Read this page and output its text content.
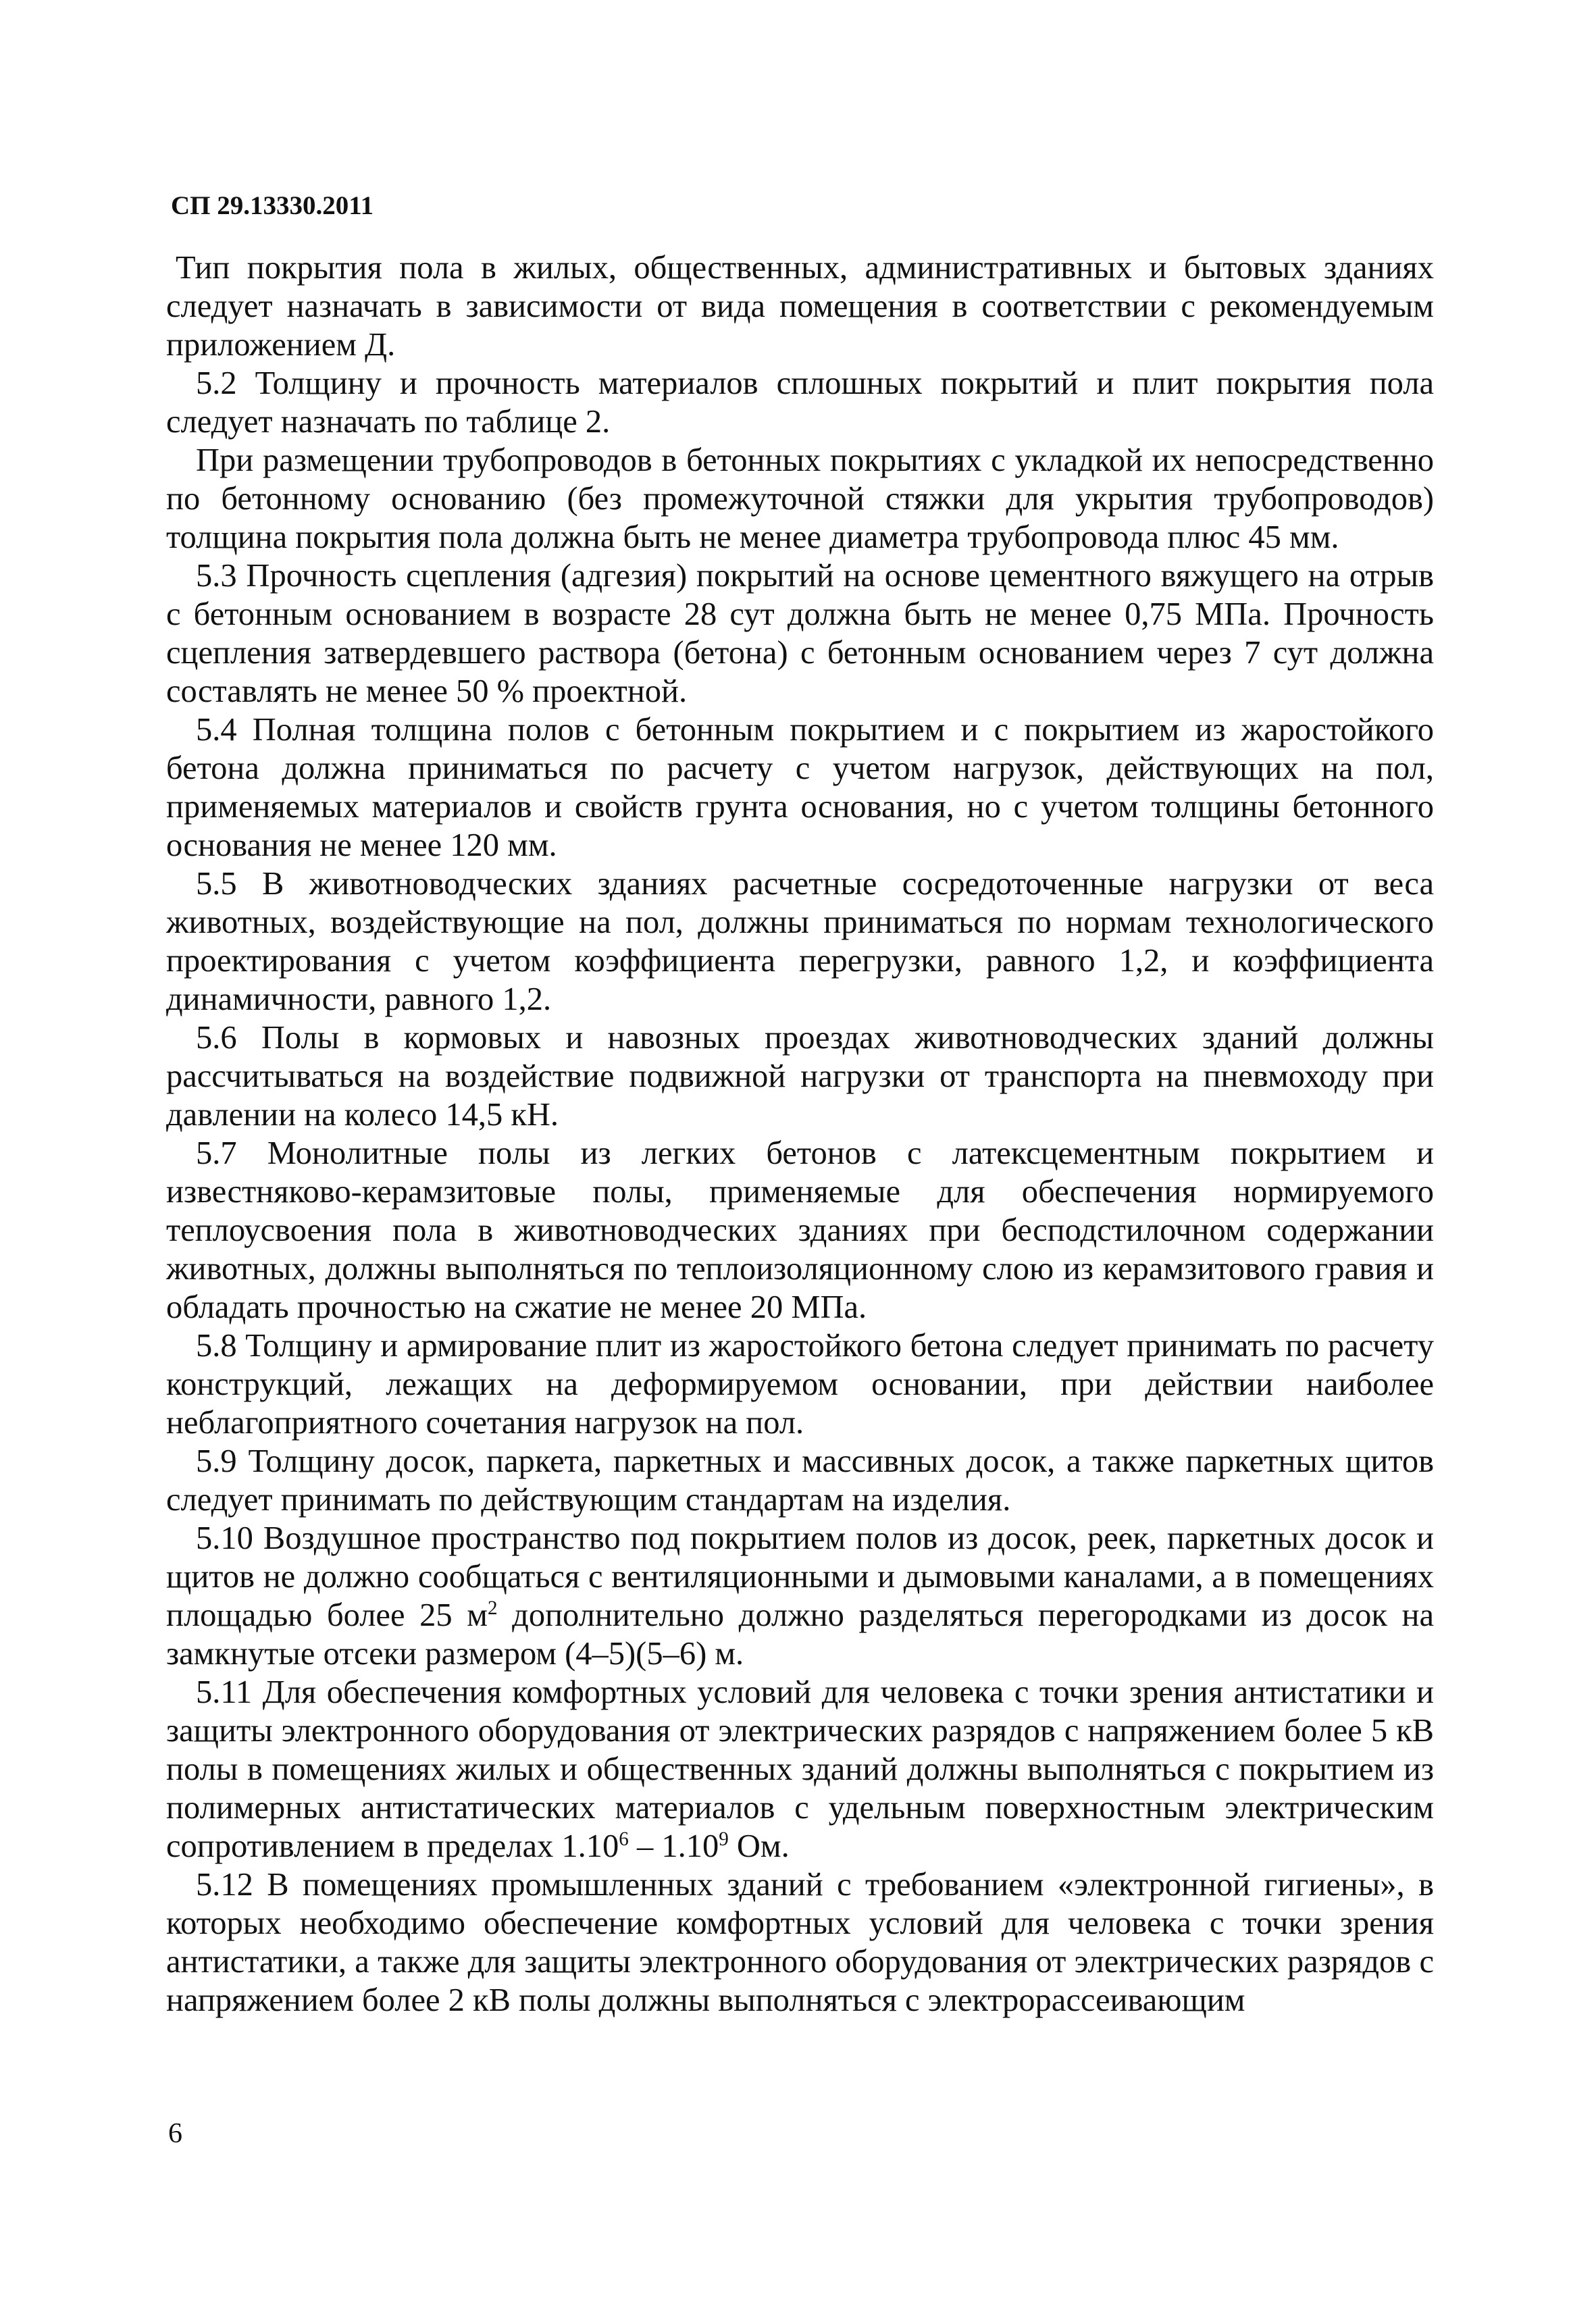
СП 29.13330.2011

Тип покрытия пола в жилых, общественных, административных и бытовых зданиях следует назначать в зависимости от вида помещения в соответствии с рекомендуемым приложением Д.

5.2 Толщину и прочность материалов сплошных покрытий и плит покрытия пола следует назначать по таблице 2.

При размещении трубопроводов в бетонных покрытиях с укладкой их непосредственно по бетонному основанию (без промежуточной стяжки для укрытия трубопроводов) толщина покрытия пола должна быть не менее диаметра трубопровода плюс 45 мм.

5.3 Прочность сцепления (адгезия) покрытий на основе цементного вяжущего на отрыв с бетонным основанием в возрасте 28 сут должна быть не менее 0,75 МПа. Прочность сцепления затвердевшего раствора (бетона) с бетонным основанием через 7 сут должна составлять не менее 50 % проектной.

5.4 Полная толщина полов с бетонным покрытием и с покрытием из жаростойкого бетона должна приниматься по расчету с учетом нагрузок, действующих на пол, применяемых материалов и свойств грунта основания, но с учетом толщины бетонного основания не менее 120 мм.

5.5 В животноводческих зданиях расчетные сосредоточенные нагрузки от веса животных, воздействующие на пол, должны приниматься по нормам технологического проектирования с учетом коэффициента перегрузки, равного 1,2, и коэффициента динамичности, равного 1,2.

5.6 Полы в кормовых и навозных проездах животноводческих зданий должны рассчитываться на воздействие подвижной нагрузки от транспорта на пневмоходу при давлении на колесо 14,5 кН.

5.7 Монолитные полы из легких бетонов с латексцементным покрытием и известняково-керамзитовые полы, применяемые для обеспечения нормируемого теплоусвоения пола в животноводческих зданиях при бесподстилочном содержании животных, должны выполняться по теплоизоляционному слою из керамзитового гравия и обладать прочностью на сжатие не менее 20 МПа.

5.8 Толщину и армирование плит из жаростойкого бетона следует принимать по расчету конструкций, лежащих на деформируемом основании, при действии наиболее неблагоприятного сочетания нагрузок на пол.

5.9 Толщину досок, паркета, паркетных и массивных досок, а также паркетных щитов следует принимать по действующим стандартам на изделия.

5.10 Воздушное пространство под покрытием полов из досок, реек, паркетных досок и щитов не должно сообщаться с вентиляционными и дымовыми каналами, а в помещениях площадью более 25 $м^2$ дополнительно должно разделяться перегородками из досок на замкнутые отсеки размером (4–5)(5–6) м.

5.11 Для обеспечения комфортных условий для человека с точки зрения антистатики и защиты электронного оборудования от электрических разрядов с напряжением более 5 кВ полы в помещениях жилых и общественных зданий должны выполняться с покрытием из полимерных антистатических материалов с удельным поверхностным электрическим сопротивлением в пределах 1.10$^6$ – 1.10$^9$ Ом.

5.12 В помещениях промышленных зданий с требованием «электронной гигиены», в которых необходимо обеспечение комфортных условий для человека с точки зрения антистатики, а также для защиты электронного оборудования от электрических разрядов с напряжением более 2 кВ полы должны выполняться с электрорассеивающим

6
